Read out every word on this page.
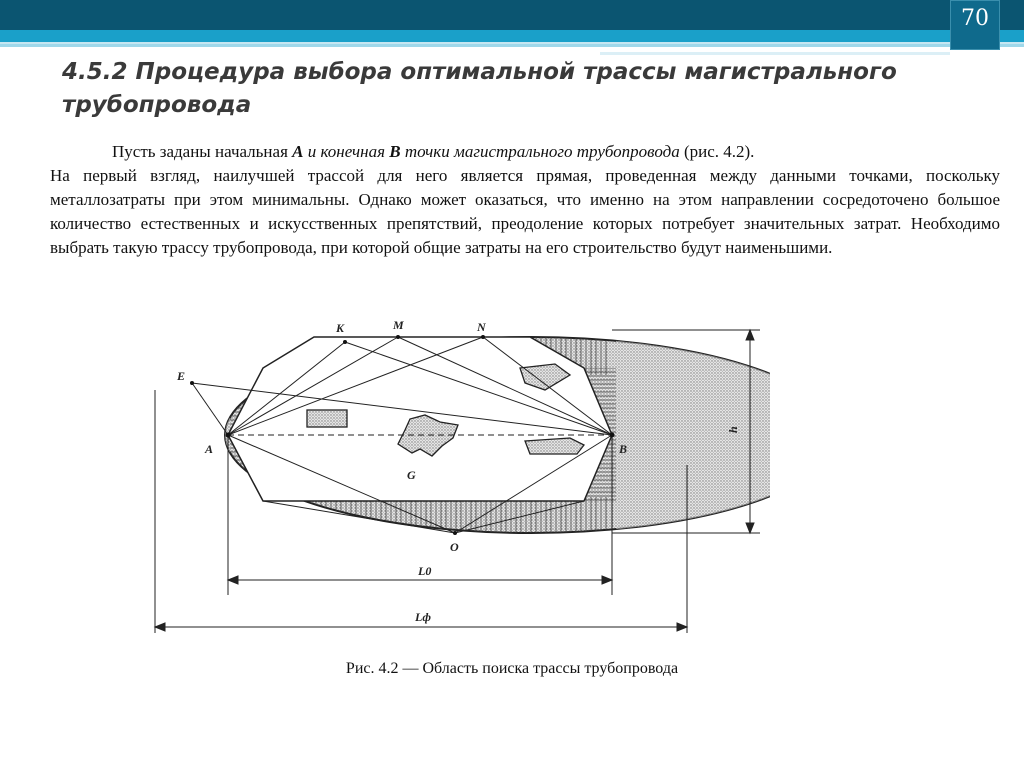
70
4.5.2 Процедура выбора оптимальной трассы магистрального трубопровода
Пусть заданы начальная А и конечная В точки магистрального трубопровода (рис. 4.2).
На первый взгляд, наилучшей трассой для него является прямая, проведенная между данными точками, поскольку металлозатраты при этом минимальны. Однако может оказаться, что именно на этом направлении сосредоточено большое количество естественных и искусственных препятствий, преодоление которых потребует значительных затрат. Необходимо выбрать такую трассу трубопровода, при которой общие затраты на его строительство будут наименьшими.
K	M	N
E
A	B
G
O
h
L0
Lф
Рис. 4.2 — Область поиска трассы трубопровода
